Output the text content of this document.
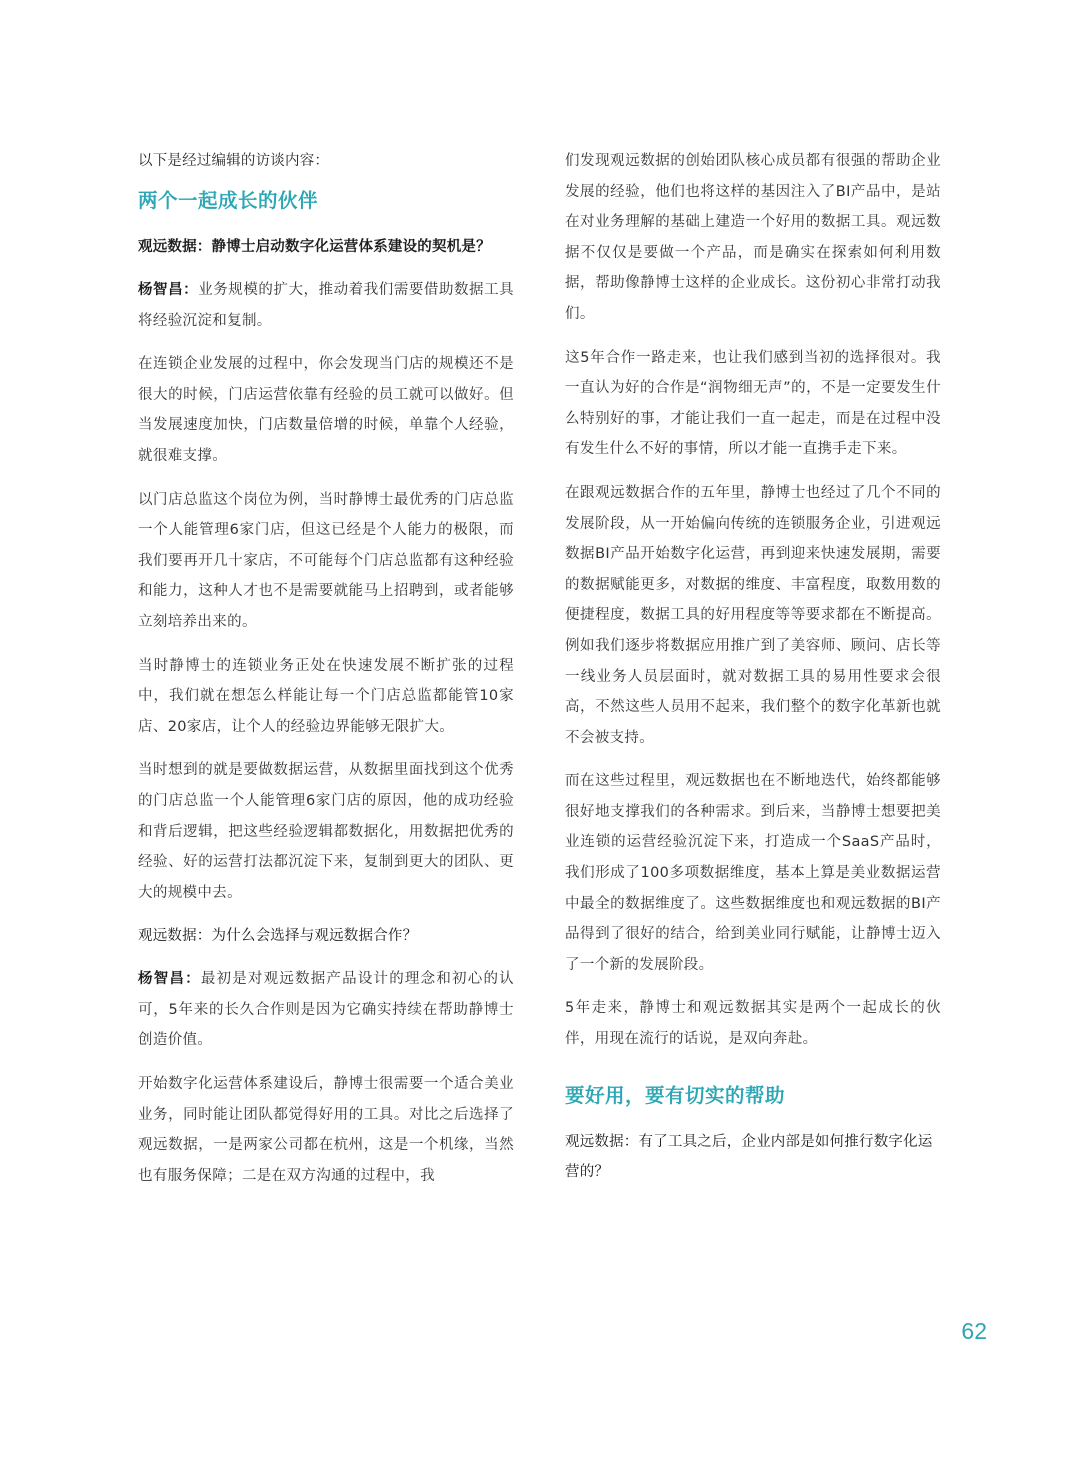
以下是经过编辑的访谈内容：

两个一起成长的伙伴

观远数据：静博士启动数字化运营体系建设的契机是？

杨智昌：业务规模的扩大，推动着我们需要借助数据工具将经验沉淀和复制。

在连锁企业发展的过程中，你会发现当门店的规模还不是很大的时候，门店运营依靠有经验的员工就可以做好。但当发展速度加快，门店数量倍增的时候，单靠个人经验，就很难支撑。

以门店总监这个岗位为例，当时静博士最优秀的门店总监一个人能管理6家门店，但这已经是个人能力的极限，而我们要再开几十家店，不可能每个门店总监都有这种经验和能力，这种人才也不是需要就能马上招聘到，或者能够立刻培养出来的。

当时静博士的连锁业务正处在快速发展不断扩张的过程中，我们就在想怎么样能让每一个门店总监都能管10家店、20家店，让个人的经验边界能够无限扩大。

当时想到的就是要做数据运营，从数据里面找到这个优秀的门店总监一个人能管理6家门店的原因，他的成功经验和背后逻辑，把这些经验逻辑都数据化，用数据把优秀的经验、好的运营打法都沉淀下来，复制到更大的团队、更大的规模中去。

观远数据：为什么会选择与观远数据合作？

杨智昌：最初是对观远数据产品设计的理念和初心的认可，5年来的长久合作则是因为它确实持续在帮助静博士创造价值。

开始数字化运营体系建设后，静博士很需要一个适合美业业务，同时能让团队都觉得好用的工具。对比之后选择了观远数据，一是两家公司都在杭州，这是一个机缘，当然也有服务保障；二是在双方沟通的过程中，我

们发现观远数据的创始团队核心成员都有很强的帮助企业发展的经验，他们也将这样的基因注入了BI产品中，是站在对业务理解的基础上建造一个好用的数据工具。观远数据不仅仅是要做一个产品，而是确实在探索如何利用数据，帮助像静博士这样的企业成长。这份初心非常打动我们。

这5年合作一路走来，也让我们感到当初的选择很对。我一直认为好的合作是“润物细无声”的，不是一定要发生什么特别好的事，才能让我们一直一起走，而是在过程中没有发生什么不好的事情，所以才能一直携手走下来。

在跟观远数据合作的五年里，静博士也经过了几个不同的发展阶段，从一开始偏向传统的连锁服务企业，引进观远数据BI产品开始数字化运营，再到迎来快速发展期，需要的数据赋能更多，对数据的维度、丰富程度，取数用数的便捷程度，数据工具的好用程度等等要求都在不断提高。例如我们逐步将数据应用推广到了美容师、顾问、店长等一线业务人员层面时，就对数据工具的易用性要求会很高，不然这些人员用不起来，我们整个的数字化革新也就不会被支持。

而在这些过程里，观远数据也在不断地迭代，始终都能够很好地支撑我们的各种需求。到后来，当静博士想要把美业连锁的运营经验沉淀下来，打造成一个SaaS产品时，我们形成了100多项数据维度，基本上算是美业数据运营中最全的数据维度了。这些数据维度也和观远数据的BI产品得到了很好的结合，给到美业同行赋能，让静博士迈入了一个新的发展阶段。

5年走来，静博士和观远数据其实是两个一起成长的伙伴，用现在流行的话说，是双向奔赴。

要好用，要有切实的帮助

观远数据：有了工具之后，企业内部是如何推行数字化运营的？

62
